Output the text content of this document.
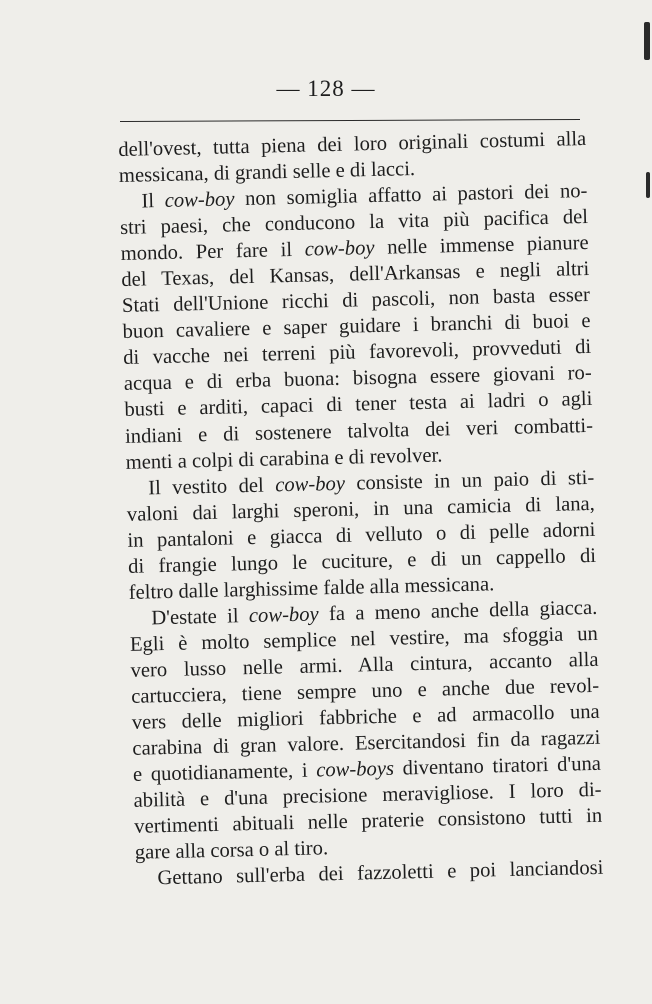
— 128 —
dell'ovest, tutta piena dei loro originali costumi alla
messicana, di grandi selle e di lacci.
Il cow-boy non somiglia affatto ai pastori dei no-
stri paesi, che conducono la vita più pacifica del
mondo. Per fare il cow-boy nelle immense pianure
del Texas, del Kansas, dell'Arkansas e negli altri
Stati dell'Unione ricchi di pascoli, non basta esser
buon cavaliere e saper guidare i branchi di buoi e
di vacche nei terreni più favorevoli, provveduti di
acqua e di erba buona: bisogna essere giovani ro-
busti e arditi, capaci di tener testa ai ladri o agli
indiani e di sostenere talvolta dei veri combatti-
menti a colpi di carabina e di revolver.
Il vestito del cow-boy consiste in un paio di sti-
valoni dai larghi speroni, in una camicia di lana,
in pantaloni e giacca di velluto o di pelle adorni
di frangie lungo le cuciture, e di un cappello di
feltro dalle larghissime falde alla messicana.
D'estate il cow-boy fa a meno anche della giacca.
Egli è molto semplice nel vestire, ma sfoggia un
vero lusso nelle armi. Alla cintura, accanto alla
cartucciera, tiene sempre uno e anche due revol-
vers delle migliori fabbriche e ad armacollo una
carabina di gran valore. Esercitandosi fin da ragazzi
e quotidianamente, i cow-boys diventano tiratori d'una
abilità e d'una precisione meravigliose. I loro di-
vertimenti abituali nelle praterie consistono tutti in
gare alla corsa o al tiro.
Gettano sull'erba dei fazzoletti e poi lanciandosi
